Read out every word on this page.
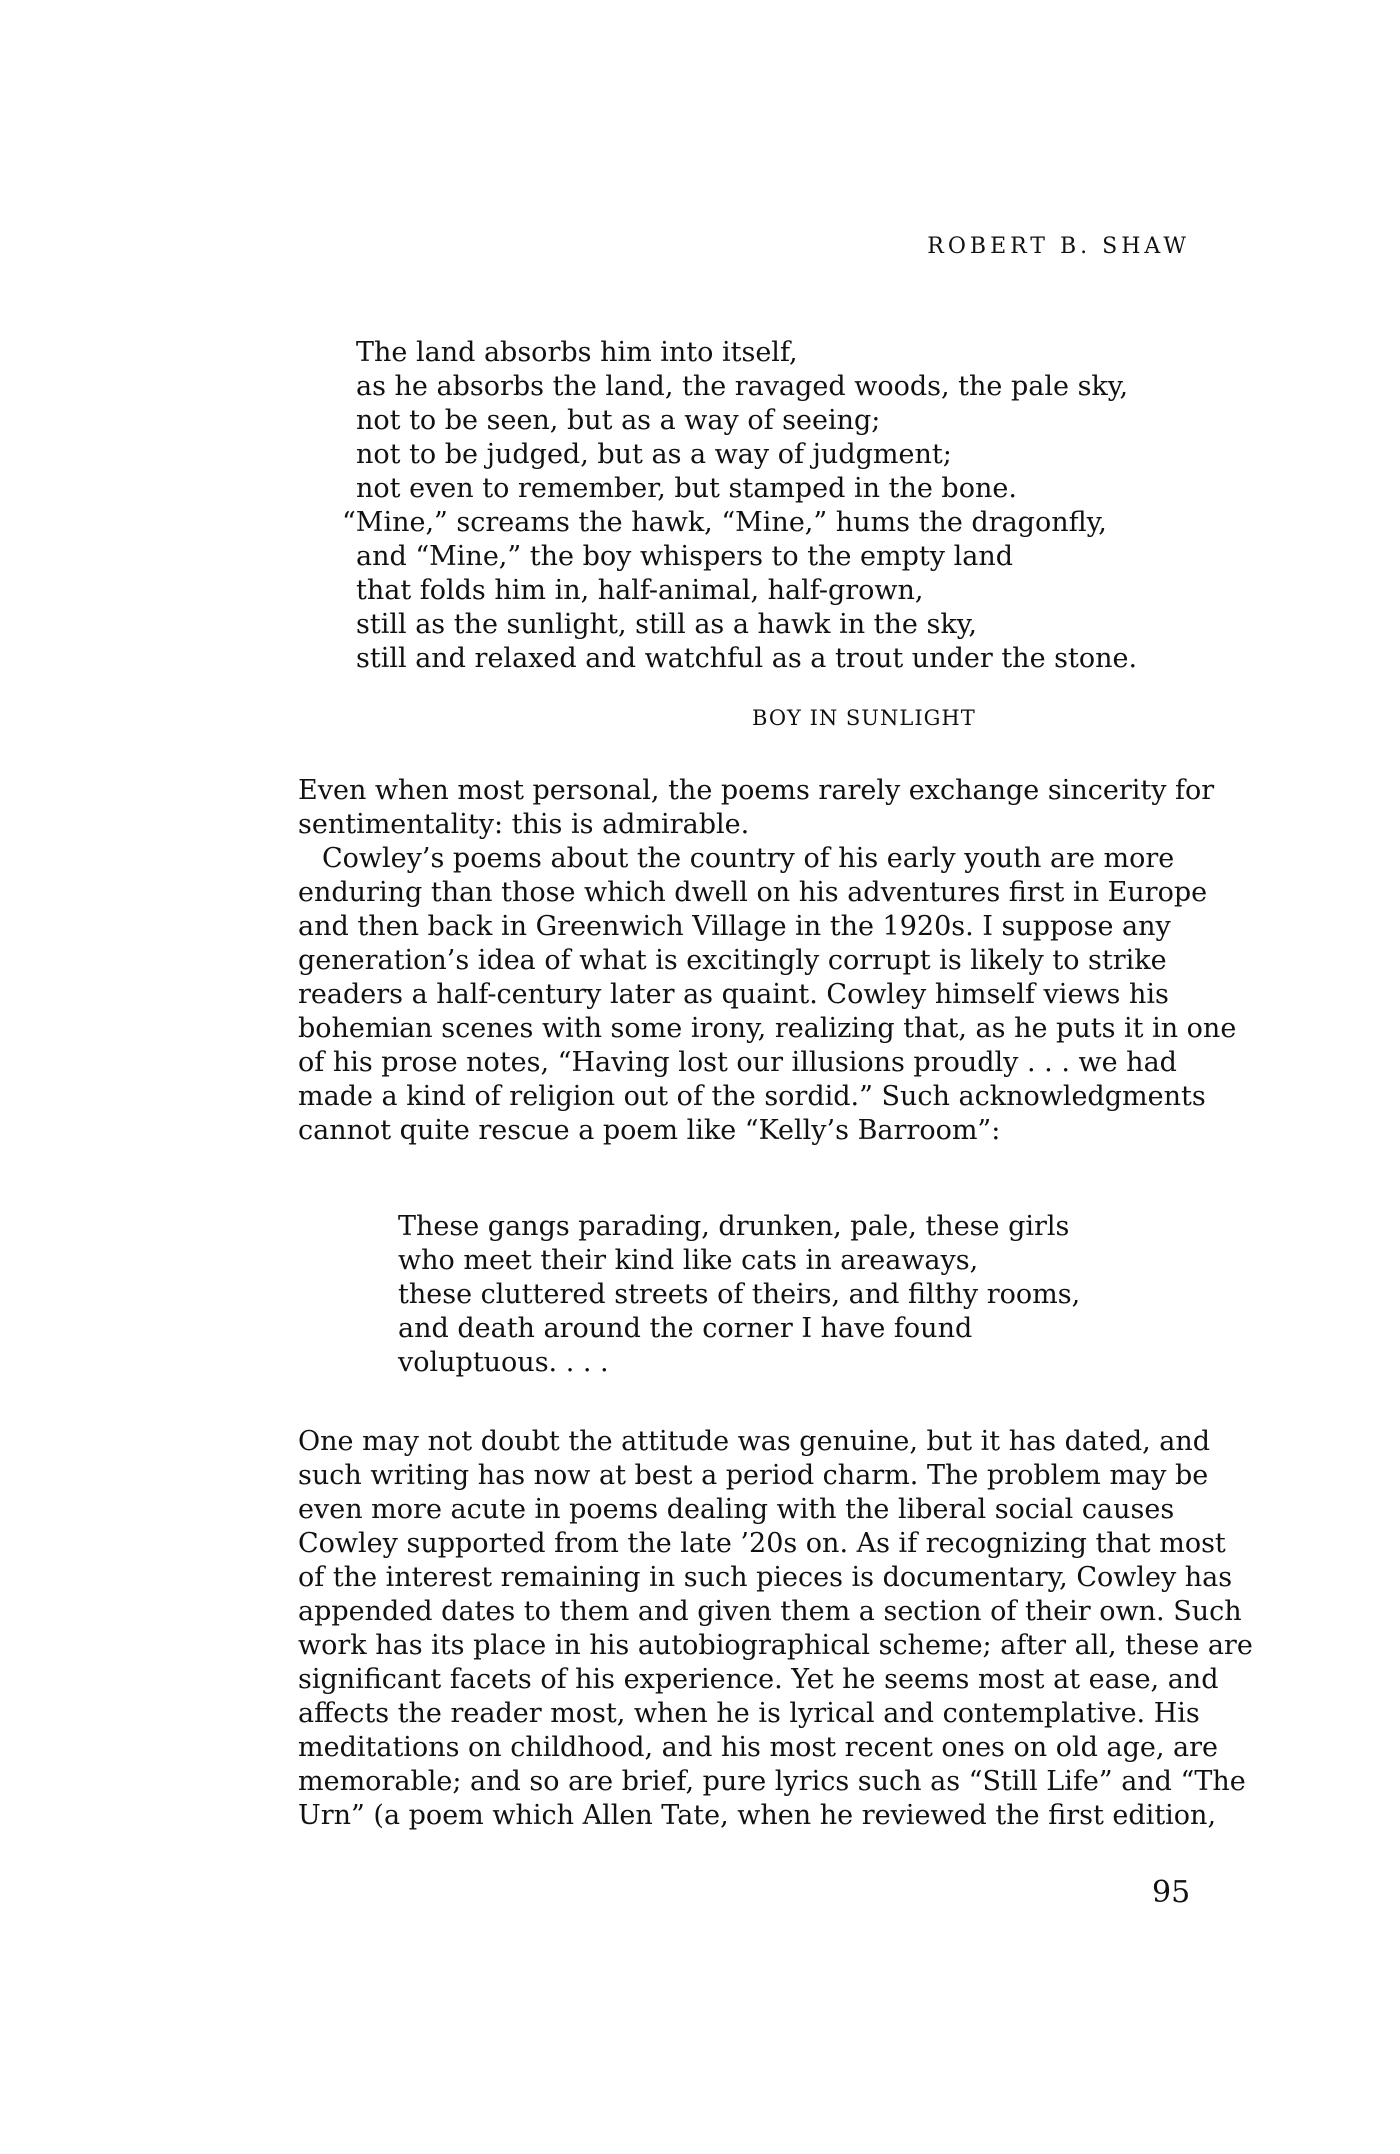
ROBERT B. SHAW
The land absorbs him into itself,
as he absorbs the land, the ravaged woods, the pale sky,
not to be seen, but as a way of seeing;
not to be judged, but as a way of judgment;
not even to remember, but stamped in the bone.
“Mine,” screams the hawk, “Mine,” hums the dragonfly,
and “Mine,” the boy whispers to the empty land
that folds him in, half-animal, half-grown,
still as the sunlight, still as a hawk in the sky,
still and relaxed and watchful as a trout under the stone.
BOY IN SUNLIGHT
Even when most personal, the poems rarely exchange sincerity for
sentimentality: this is admirable.
Cowley’s poems about the country of his early youth are more
enduring than those which dwell on his adventures first in Europe
and then back in Greenwich Village in the 1920s. I suppose any
generation’s idea of what is excitingly corrupt is likely to strike
readers a half-century later as quaint. Cowley himself views his
bohemian scenes with some irony, realizing that, as he puts it in one
of his prose notes, “Having lost our illusions proudly . . . we had
made a kind of religion out of the sordid.” Such acknowledgments
cannot quite rescue a poem like “Kelly’s Barroom”:
These gangs parading, drunken, pale, these girls
who meet their kind like cats in areaways,
these cluttered streets of theirs, and filthy rooms,
and death around the corner I have found
voluptuous. . . .
One may not doubt the attitude was genuine, but it has dated, and
such writing has now at best a period charm. The problem may be
even more acute in poems dealing with the liberal social causes
Cowley supported from the late ’20s on. As if recognizing that most
of the interest remaining in such pieces is documentary, Cowley has
appended dates to them and given them a section of their own. Such
work has its place in his autobiographical scheme; after all, these are
significant facets of his experience. Yet he seems most at ease, and
affects the reader most, when he is lyrical and contemplative. His
meditations on childhood, and his most recent ones on old age, are
memorable; and so are brief, pure lyrics such as “Still Life” and “The
Urn” (a poem which Allen Tate, when he reviewed the first edition,
95
